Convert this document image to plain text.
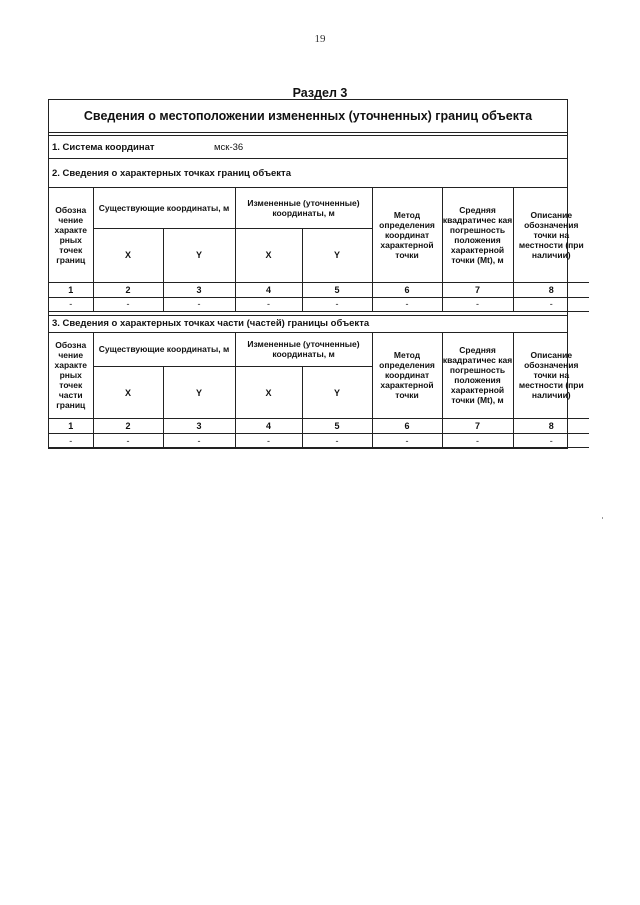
19
Раздел 3
Сведения о местоположении измененных (уточненных) границ объекта
1. Система координат	мск-36
2. Сведения о характерных точках границ объекта
Обозна чение характе рных точек границ	Существующие координаты, м		Измененные (уточненные) координаты, м		Метод определения координат характерной точки	Средняя квадратичес кая погрешность положения характерной точки (Mt), м	Описание обозначения точки на местности (при наличии)
	X	Y	X	Y			
1	2	3	4	5	6	7	8
-	-	-	-	-	-	-	-
3. Сведения о характерных точках части (частей) границы объекта
Обозна чение характе рных точек части границ	Существующие координаты, м		Измененные (уточненные) координаты, м		Метод определения координат характерной точки	Средняя квадратичес кая погрешность положения характерной точки (Mt), м	Описание обозначения точки на местности (при наличии)
	X	Y	X	Y			
1	2	3	4	5	6	7	8
-	-	-	-	-	-	-	-
